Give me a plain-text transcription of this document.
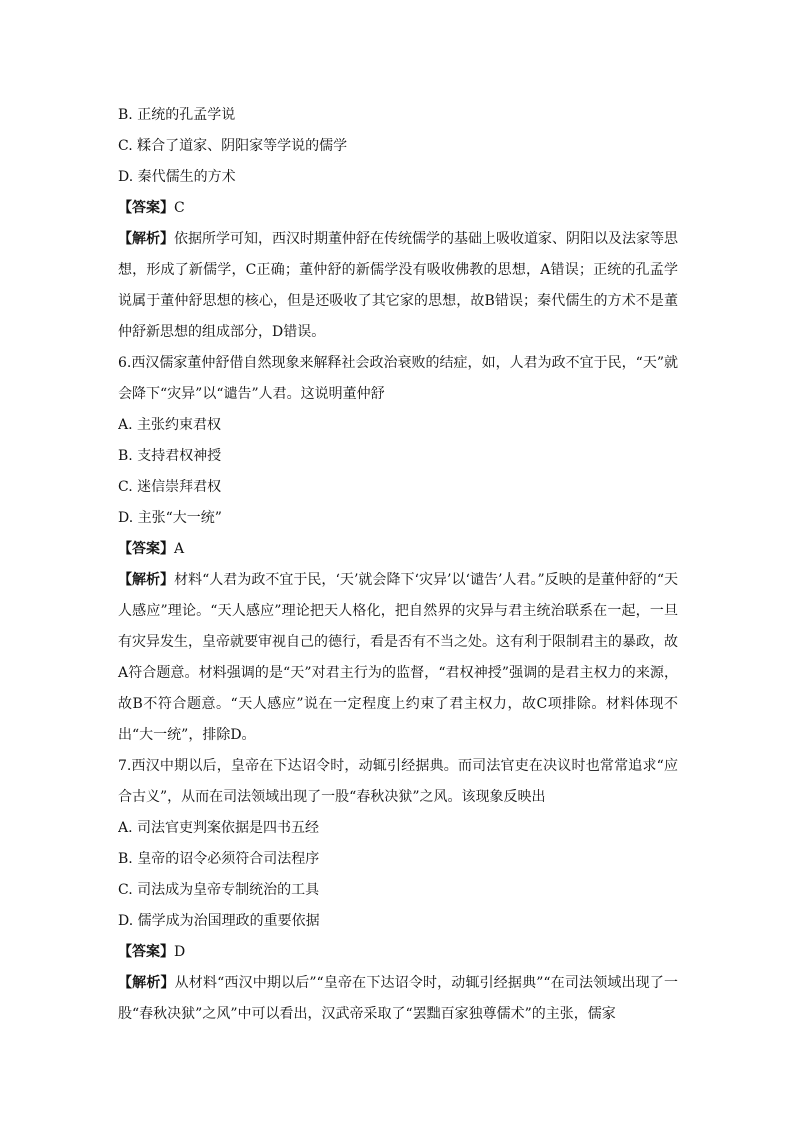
B. 正统的孔孟学说
C. 糅合了道家、阴阳家等学说的儒学
D. 秦代儒生的方术
【答案】C
【解析】依据所学可知，西汉时期董仲舒在传统儒学的基础上吸收道家、阴阳以及法家等思想，形成了新儒学，C正确；董仲舒的新儒学没有吸收佛教的思想，A错误；正统的孔孟学说属于董仲舒思想的核心，但是还吸收了其它家的思想，故B错误；秦代儒生的方术不是董仲舒新思想的组成部分，D错误。
6.西汉儒家董仲舒借自然现象来解释社会政治衰败的结症，如，人君为政不宜于民，“天”就会降下“灾异”以“谴告”人君。这说明董仲舒
A. 主张约束君权
B. 支持君权神授
C. 迷信崇拜君权
D. 主张“大一统”
【答案】A
【解析】材料“人君为政不宜于民，‘天’就会降下‘灾异’以‘谴告’人君。”反映的是董仲舒的“天人感应”理论。“天人感应”理论把天人格化，把自然界的灾异与君主统治联系在一起，一旦有灾异发生，皇帝就要审视自己的德行，看是否有不当之处。这有利于限制君主的暴政，故A符合题意。材料强调的是“天”对君主行为的监督，“君权神授”强调的是君主权力的来源，故B不符合题意。“天人感应”说在一定程度上约束了君主权力，故C项排除。材料体现不出“大一统”，排除D。
7.西汉中期以后，皇帝在下达诏令时，动辄引经据典。而司法官吏在决议时也常常追求“应合古义”，从而在司法领域出现了一股“春秋决狱”之风。该现象反映出
A. 司法官吏判案依据是四书五经
B. 皇帝的诏令必须符合司法程序
C. 司法成为皇帝专制统治的工具
D. 儒学成为治国理政的重要依据
【答案】D
【解析】从材料“西汉中期以后”“皇帝在下达诏令时，动辄引经据典”“在司法领域出现了一股“春秋决狱”之风”中可以看出，汉武帝采取了“罢黜百家独尊儒术”的主张，儒家
